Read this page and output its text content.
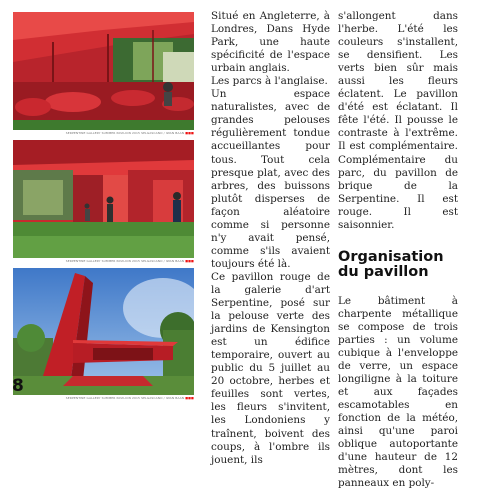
SERPENTINE GALLERY SUMMER PAVILION 2015 SELGASCANO / IWAN BAAN ■■■
SERPENTINE GALLERY SUMMER PAVILION 2015 SELGASCANO / IWAN BAAN ■■■
SERPENTINE GALLERY SUMMER PAVILION 2015 SELGASCANO / IWAN BAAN ■■■
8

Situé en Angleterre, à Londres, Dans Hyde Park, une haute spécificité de l'espace urbain anglais.

Les parcs à l'anglaise.

Un espace naturalistes, avec de grandes pelouses régulièrement tondue accueillantes pour tous. Tout cela presque plat, avec des arbres, des buissons plutôt disperses de façon aléatoire comme si personne n'y avait pensé, comme s'ils avaient toujours été là.

Ce pavillon rouge de la galerie d'art Serpentine, posé sur la pelouse verte des jardins de Kensington est un édifice temporaire, ouvert au public du 5 juillet au 20 octobre, herbes et feuilles sont vertes, les fleurs s'invitent, les Londoniens y traînent, boivent des coups, à l'ombre ils jouent, ils

s'allongent dans l'herbe. L'été les couleurs s'installent, se densifient. Les verts bien sûr mais aussi les fleurs éclatent. Le pavillon d'été est éclatant. Il fête l'été. Il pousse le contraste à l'extrême. Il est complémentaire. Complémentaire du parc, du pavillon de brique de la Serpentine. Il est rouge. Il est saisonnier.

Organisation du pavillon

Le bâtiment à charpente métallique se compose de trois parties : un volume cubique à l'enveloppe de verre, un espace longiligne à la toiture et aux façades escamotables en fonction de la météo, ainsi qu'une paroi oblique autoportante d'une hauteur de 12 mètres, dont les panneaux en poly-
